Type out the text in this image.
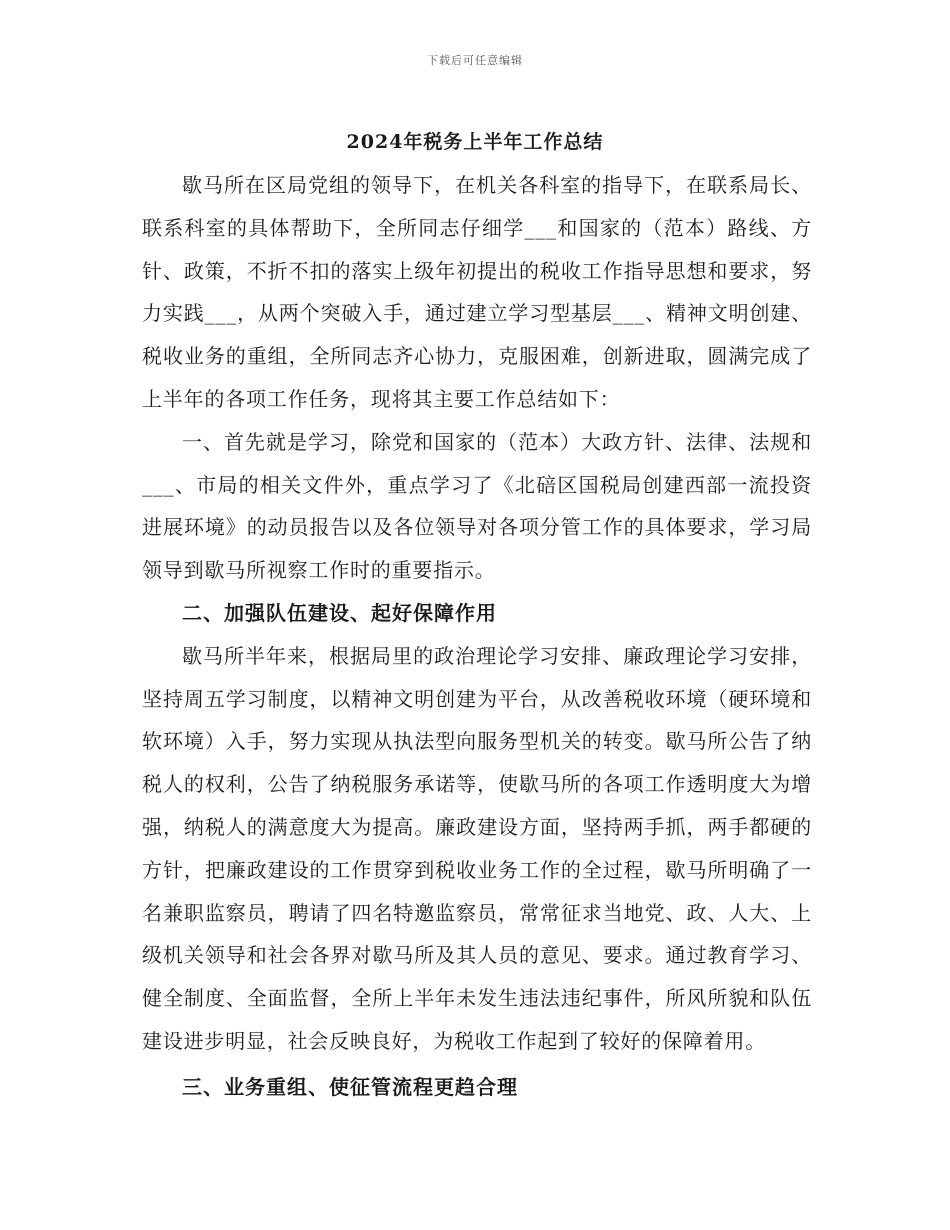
下载后可任意编辑
2024年税务上半年工作总结

歇马所在区局党组的领导下，在机关各科室的指导下，在联系局长、联系科室的具体帮助下，全所同志仔细学___和国家的（范本）路线、方针、政策，不折不扣的落实上级年初提出的税收工作指导思想和要求，努力实践___，从两个突破入手，通过建立学习型基层___、精神文明创建、税收业务的重组，全所同志齐心协力，克服困难，创新进取，圆满完成了上半年的各项工作任务，现将其主要工作总结如下：

一、首先就是学习，除党和国家的（范本）大政方针、法律、法规和___、市局的相关文件外，重点学习了《北碚区国税局创建西部一流投资进展环境》的动员报告以及各位领导对各项分管工作的具体要求，学习局领导到歇马所视察工作时的重要指示。

二、加强队伍建设、起好保障作用

歇马所半年来，根据局里的政治理论学习安排、廉政理论学习安排，坚持周五学习制度，以精神文明创建为平台，从改善税收环境（硬环境和软环境）入手，努力实现从执法型向服务型机关的转变。歇马所公告了纳税人的权利，公告了纳税服务承诺等，使歇马所的各项工作透明度大为增强，纳税人的满意度大为提高。廉政建设方面，坚持两手抓，两手都硬的方针，把廉政建设的工作贯穿到税收业务工作的全过程，歇马所明确了一名兼职监察员，聘请了四名特邀监察员，常常征求当地党、政、人大、上级机关领导和社会各界对歇马所及其人员的意见、要求。通过教育学习、健全制度、全面监督，全所上半年未发生违法违纪事件，所风所貌和队伍建设进步明显，社会反映良好，为税收工作起到了较好的保障着用。

三、业务重组、使征管流程更趋合理
